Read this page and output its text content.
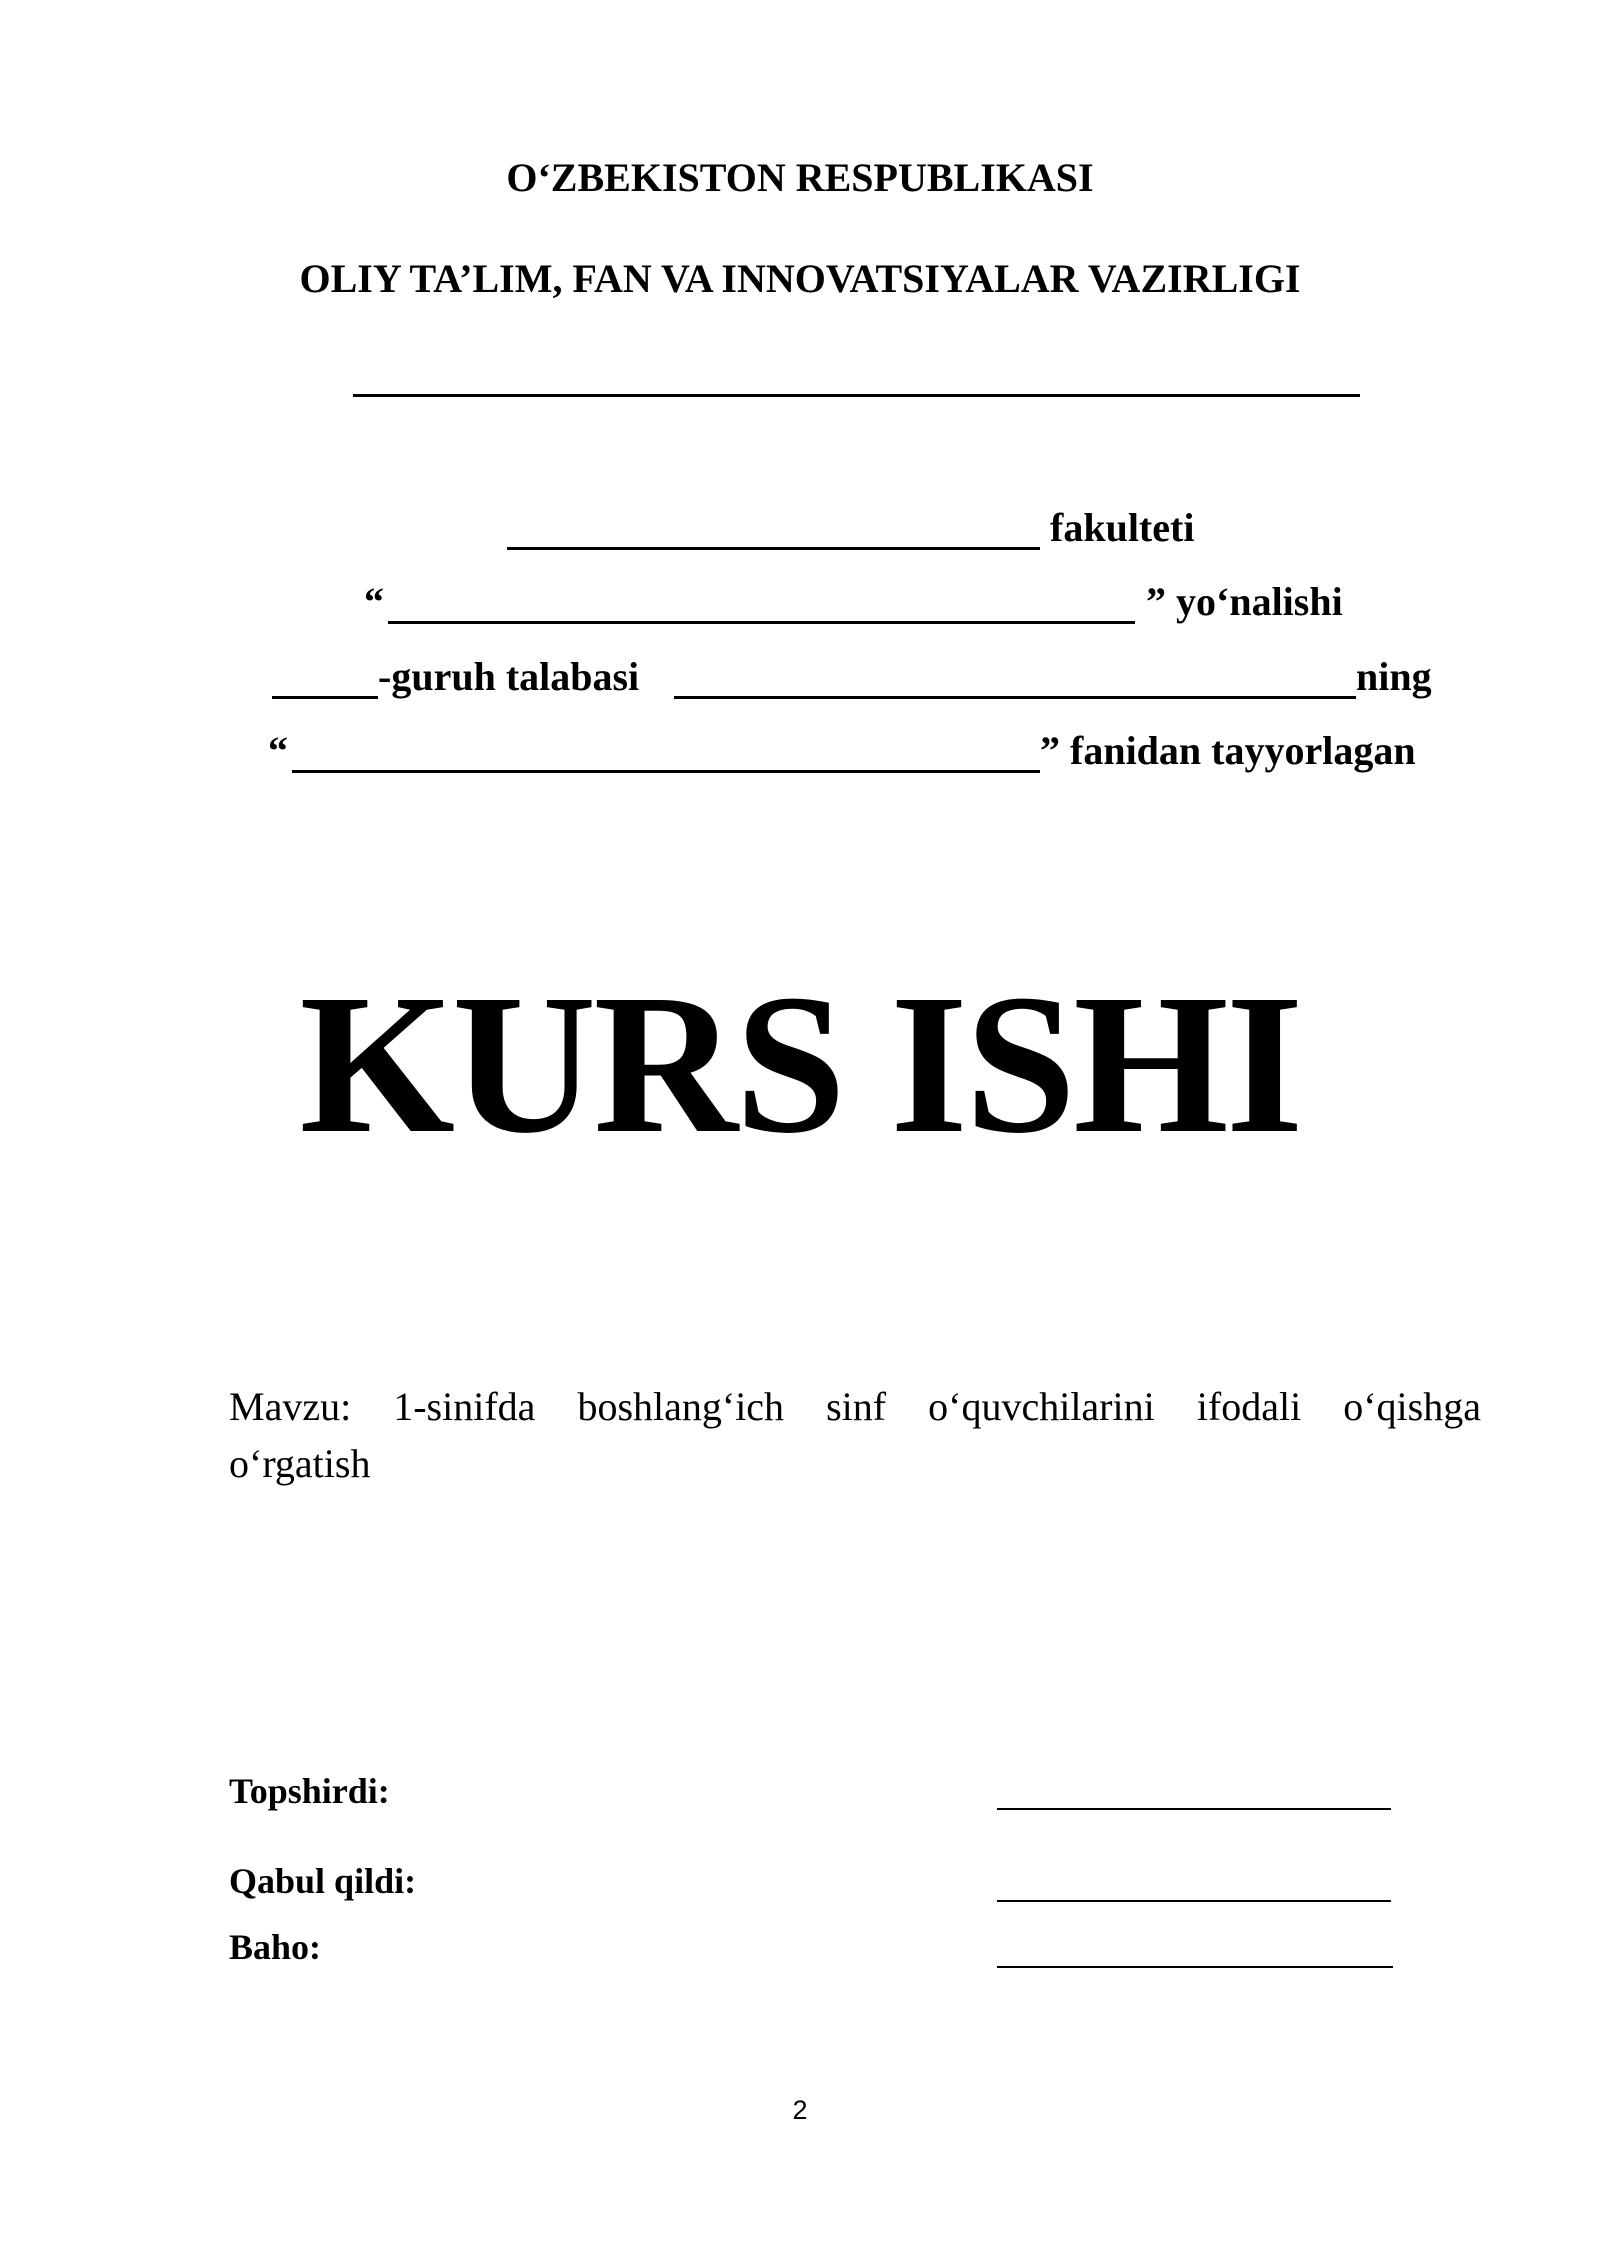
O‘ZBEKISTON RESPUBLIKASI
OLIY TA’LIM, FAN VA INNOVATSIYALAR VAZIRLIGI
fakulteti
“	” yo‘nalishi
-guruh talabasi	ning
“	” fanidan tayyorlagan
KURS ISHI
Mavzu: 1-sinifda boshlang‘ich sinf o‘quvchilarini ifodali o‘qishga
o‘rgatish
Topshirdi:
Qabul qildi:
Baho:
2
